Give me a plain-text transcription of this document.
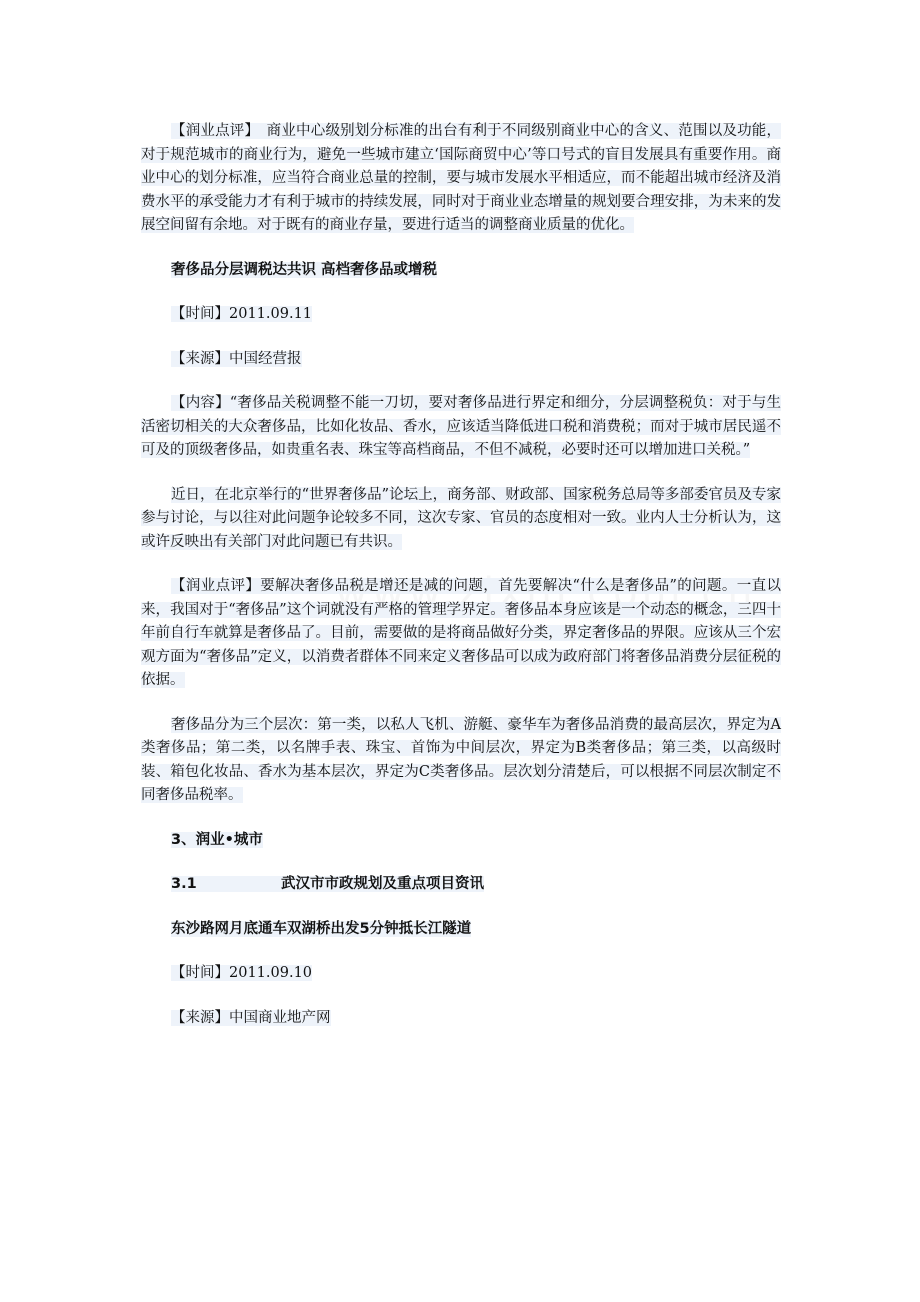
【润业点评】　商业中心级别划分标准的出台有利于不同级别商业中心的含义、范围以及功能，对于规范城市的商业行为，避免一些城市建立‘国际商贸中心’等口号式的盲目发展具有重要作用。商业中心的划分标准，应当符合商业总量的控制，要与城市发展水平相适应，而不能超出城市经济及消费水平的承受能力才有利于城市的持续发展，同时对于商业业态增量的规划要合理安排，为未来的发展空间留有余地。对于既有的商业存量，要进行适当的调整商业质量的优化。

奢侈品分层调税达共识 高档奢侈品或增税

【时间】2011.09.11

【来源】中国经营报

【内容】“奢侈品关税调整不能一刀切，要对奢侈品进行界定和细分，分层调整税负：对于与生活密切相关的大众奢侈品，比如化妆品、香水，应该适当降低进口税和消费税；而对于城市居民遥不可及的顶级奢侈品，如贵重名表、珠宝等高档商品，不但不减税，必要时还可以增加进口关税。”

近日，在北京举行的“世界奢侈品”论坛上，商务部、财政部、国家税务总局等多部委官员及专家参与讨论，与以往对此问题争论较多不同，这次专家、官员的态度相对一致。业内人士分析认为，这或许反映出有关部门对此问题已有共识。

【润业点评】要解决奢侈品税是增还是减的问题，首先要解决“什么是奢侈品”的问题。一直以来，我国对于“奢侈品”这个词就没有严格的管理学界定。奢侈品本身应该是一个动态的概念，三四十年前自行车就算是奢侈品了。目前，需要做的是将商品做好分类，界定奢侈品的界限。应该从三个宏观方面为“奢侈品”定义，以消费者群体不同来定义奢侈品可以成为政府部门将奢侈品消费分层征税的依据。

奢侈品分为三个层次：第一类，以私人飞机、游艇、豪华车为奢侈品消费的最高层次，界定为A类奢侈品；第二类，以名牌手表、珠宝、首饰为中间层次，界定为B类奢侈品；第三类，以高级时装、箱包化妆品、香水为基本层次，界定为C类奢侈品。层次划分清楚后，可以根据不同层次制定不同奢侈品税率。

3、润业•城市

3.1	武汉市市政规划及重点项目资讯

东沙路网月底通车双湖桥出发5分钟抵长江隧道

【时间】2011.09.10

【来源】中国商业地产网
